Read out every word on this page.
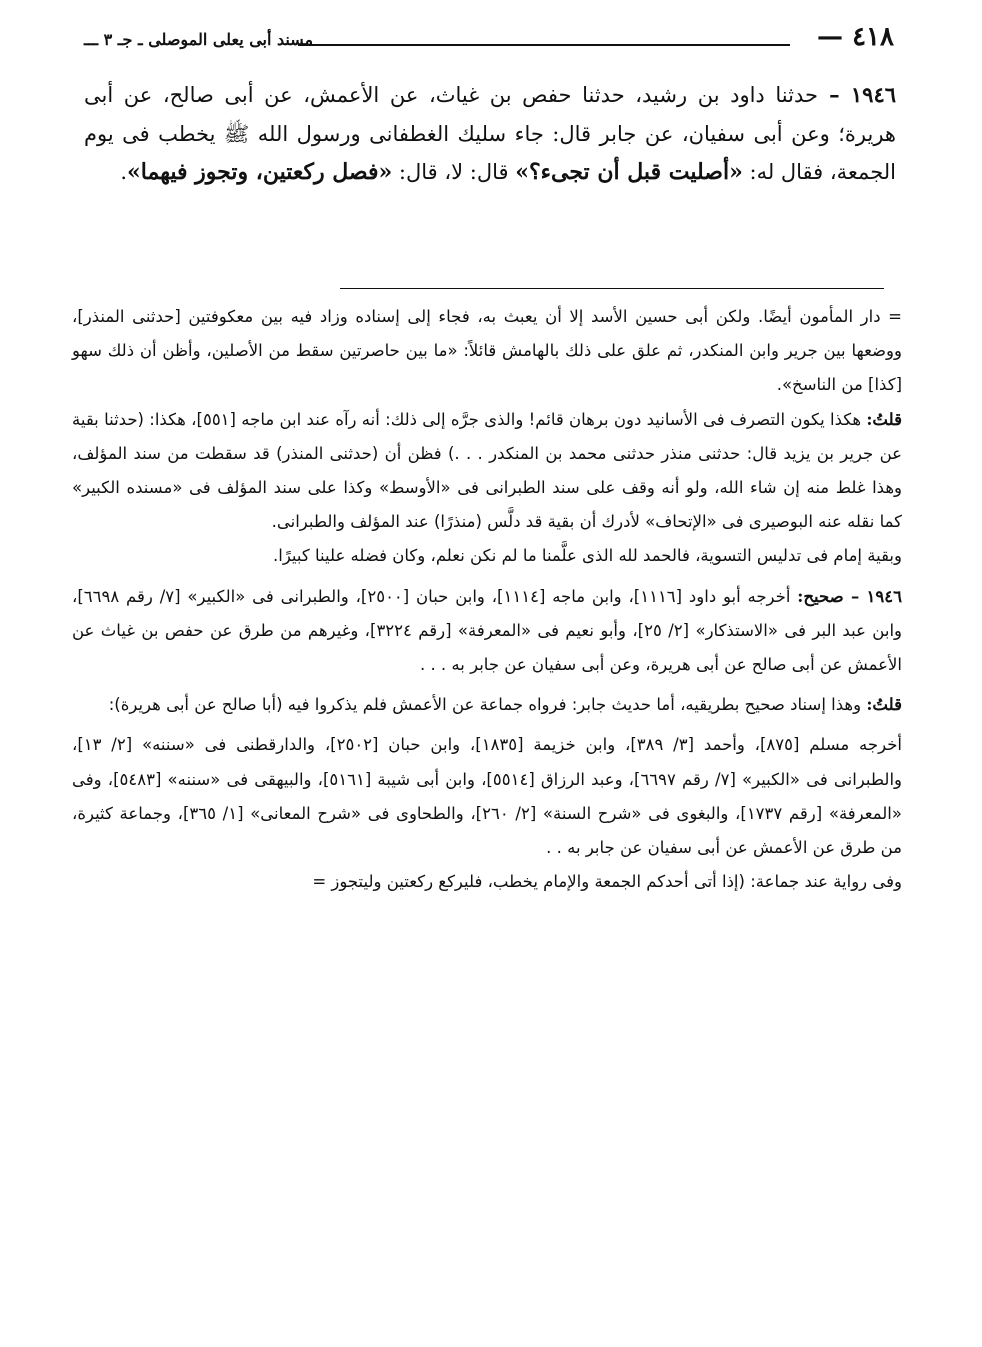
٤١٨ —
مسند أبى يعلى الموصلى ـ جـ ٣ ـــ

١٩٤٦ – حدثنا داود بن رشيد، حدثنا حفص بن غياث، عن الأعمش، عن أبى صالح، عن أبى هريرة؛ وعن أبى سفيان، عن جابر قال: جاء سليك الغطفانى ورسول الله ﷺ يخطب فى يوم الجمعة، فقال له: «أصليت قبل أن تجىء؟» قال: لا، قال: «فصل ركعتين، وتجوز فيهما».

= دار المأمون أيضًا. ولكن أبى حسين الأسد إلا أن يعبث به، فجاء إلى إسناده وزاد فيه بين معكوفتين [حدثنى المنذر]، ووضعها بين جرير وابن المنكدر، ثم علق على ذلك بالهامش قائلاً: «ما بين حاصرتين سقط من الأصلين، وأظن أن ذلك سهو [كذا] من الناسخ».

قلتُ: هكذا يكون التصرف فى الأسانيد دون برهان قائم! والذى جرَّه إلى ذلك: أنه رآه عند ابن ماجه [٥٥١]، هكذا: (حدثنا بقية عن جرير بن يزيد قال: حدثنى منذر حدثنى محمد بن المنكدر . . .) فظن أن (حدثنى المنذر) قد سقطت من سند المؤلف، وهذا غلط منه إن شاء الله، ولو أنه وقف على سند الطبرانى فى «الأوسط» وكذا على سند المؤلف فى «مسنده الكبير» كما نقله عنه البوصيرى فى «الإتحاف» لأدرك أن بقية قد دلَّس (منذرًا) عند المؤلف والطبرانى.

وبقية إمام فى تدليس التسوية، فالحمد لله الذى علَّمنا ما لم نكن نعلم، وكان فضله علينا كبيرًا.

١٩٤٦ – صحيح: أخرجه أبو داود [١١١٦]، وابن ماجه [١١١٤]، وابن حبان [٢٥٠٠]، والطبرانى فى «الكبير» [٧/ رقم ٦٦٩٨]، وابن عبد البر فى «الاستذكار» [٢/ ٢٥]، وأبو نعيم فى «المعرفة» [رقم ٣٢٢٤]، وغيرهم من طرق عن حفص بن غياث عن الأعمش عن أبى صالح عن أبى هريرة، وعن أبى سفيان عن جابر به . . .

قلتُ: وهذا إسناد صحيح بطريقيه، أما حديث جابر: فرواه جماعة عن الأعمش فلم يذكروا فيه (أبا صالح عن أبى هريرة):

أخرجه مسلم [٨٧٥]، وأحمد [٣/ ٣٨٩]، وابن خزيمة [١٨٣٥]، وابن حبان [٢٥٠٢]، والدارقطنى فى «سننه» [٢/ ١٣]، والطبرانى فى «الكبير» [٧/ رقم ٦٦٩٧]، وعبد الرزاق [٥٥١٤]، وابن أبى شيبة [٥١٦١]، والبيهقى فى «سننه» [٥٤٨٣]، وفى «المعرفة» [رقم ١٧٣٧]، والبغوى فى «شرح السنة» [٢/ ٢٦٠]، والطحاوى فى «شرح المعانى» [١/ ٣٦٥]، وجماعة كثيرة، من طرق عن الأعمش عن أبى سفيان عن جابر به . .

وفى رواية عند جماعة: (إذا أتى أحدكم الجمعة والإمام يخطب، فليركع ركعتين وليتجوز =
